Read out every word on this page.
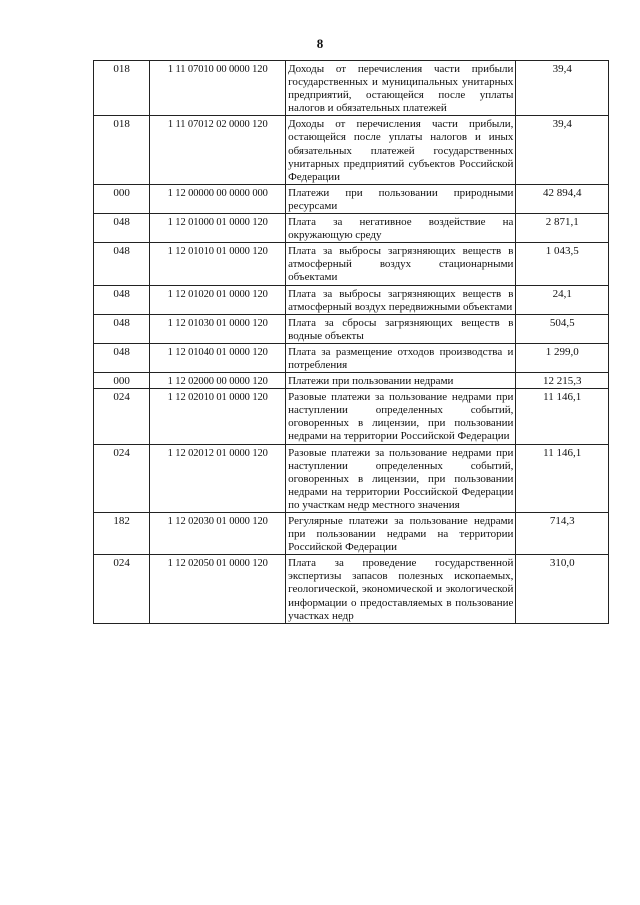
8
018	1 11 07010 00 0000 120	Доходы от перечисления части прибыли государственных и муниципальных унитарных предприятий, остающейся после уплаты налогов и обязательных платежей	39,4
018	1 11 07012 02 0000 120	Доходы от перечисления части прибыли, остающейся после уплаты налогов и иных обязательных платежей государственных унитарных предприятий субъектов Российской Федерации	39,4
000	1 12 00000 00 0000 000	Платежи при пользовании природными ресурсами	42 894,4
048	1 12 01000 01 0000 120	Плата за негативное воздействие на окружающую среду	2 871,1
048	1 12 01010 01 0000 120	Плата за выбросы загрязняющих веществ в атмосферный воздух стационарными объектами	1 043,5
048	1 12 01020 01 0000 120	Плата за выбросы загрязняющих веществ в атмосферный воздух передвижными объектами	24,1
048	1 12 01030 01 0000 120	Плата за сбросы загрязняющих веществ в водные объекты	504,5
048	1 12 01040 01 0000 120	Плата за размещение отходов производства и потребления	1 299,0
000	1 12 02000 00 0000 120	Платежи при пользовании недрами	12 215,3
024	1 12 02010 01 0000 120	Разовые платежи за пользование недрами при наступлении определенных событий, оговоренных в лицензии, при пользовании недрами на территории Российской Федерации	11 146,1
024	1 12 02012 01 0000 120	Разовые платежи за пользование недрами при наступлении определенных событий, оговоренных в лицензии, при пользовании недрами на территории Российской Федерации по участкам недр местного значения	11 146,1
182	1 12 02030 01 0000 120	Регулярные платежи за пользование недрами при пользовании недрами на территории Российской Федерации	714,3
024	1 12 02050 01 0000 120	Плата за проведение государственной экспертизы запасов полезных ископаемых, геологической, экономической и экологической информации о предоставляемых в пользование участках недр	310,0
